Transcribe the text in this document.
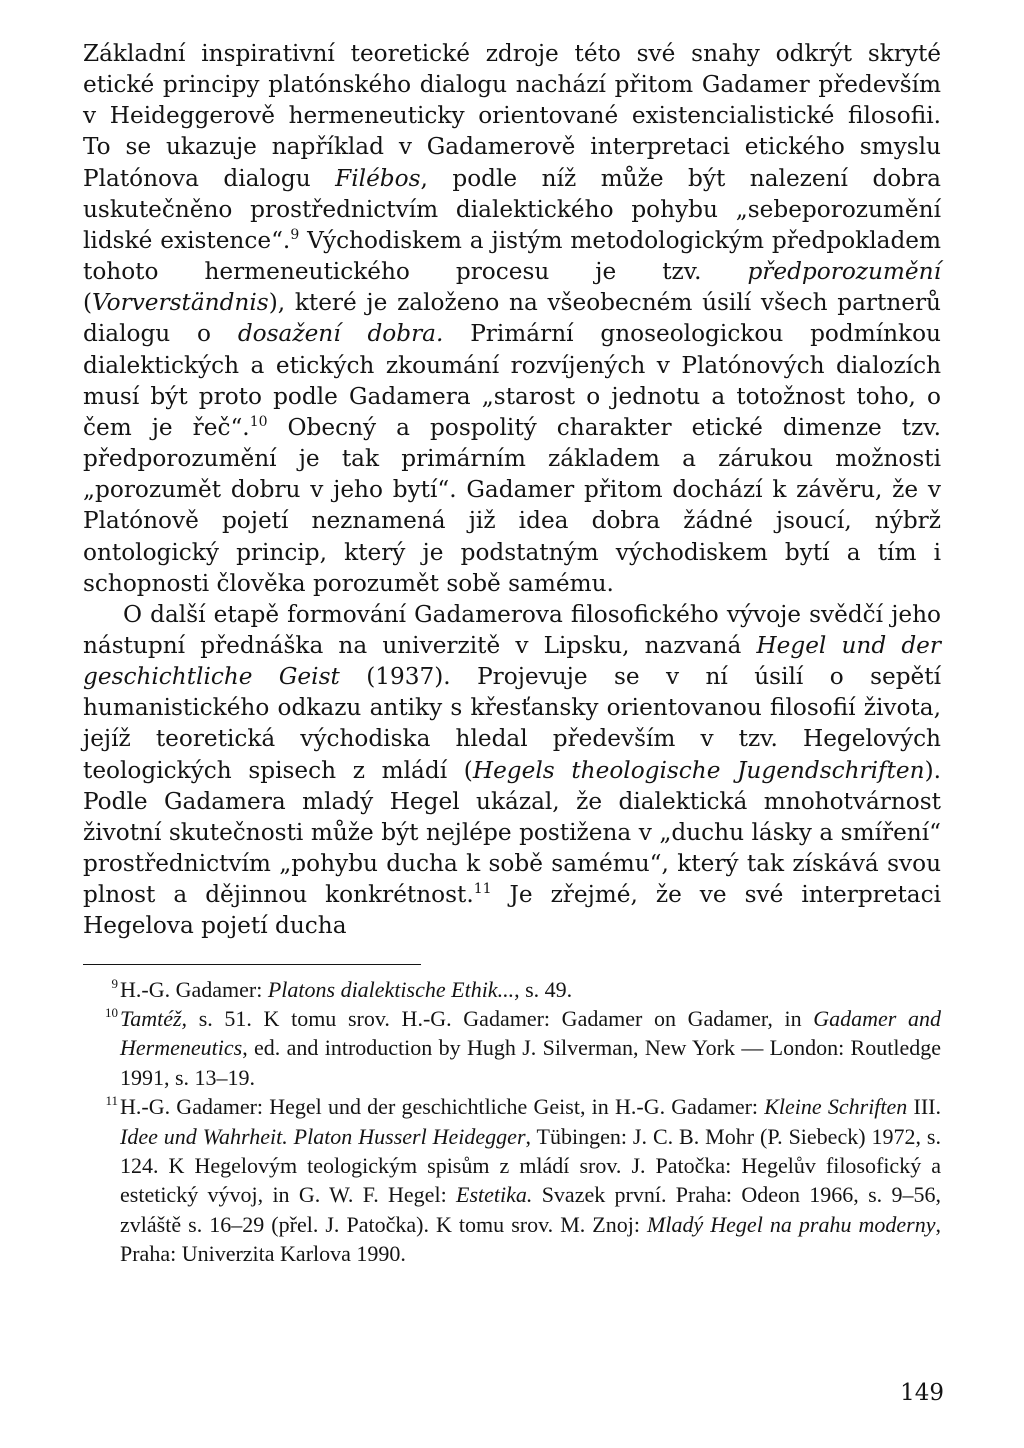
Základní inspirativní teoretické zdroje této své snahy odkrýt skryté etické principy platónského dialogu nachází přitom Gadamer především v Heideggerově hermeneuticky orientované existencialistické filosofii. To se ukazuje například v Gadamerově interpretaci etického smyslu Platónova dialogu Filébos, podle níž může být nalezení dobra uskutečněno prostřednictvím dialektického pohybu „sebeporozumění lidské existence“.$^9$ Východiskem a jistým metodologickým předpokladem tohoto hermeneutického procesu je tzv. předporozumění (Vorverständnis), které je založeno na všeobecném úsilí všech partnerů dialogu o dosažení dobra. Primární gnoseologickou podmínkou dialektických a etických zkoumání rozvíjených v Platónových dialozích musí být proto podle Gadamera „starost o jednotu a totožnost toho, o čem je řeč“.$^{10}$ Obecný a pospolitý charakter etické dimenze tzv. předporozumění je tak primárním základem a zárukou možnosti „porozumět dobru v jeho bytí“. Gadamer přitom dochází k závěru, že v Platónově pojetí neznamená již idea dobra žádné jsoucí, nýbrž ontologický princip, který je podstatným východiskem bytí a tím i schopnosti člověka porozumět sobě samému.

O další etapě formování Gadamerova filosofického vývoje svědčí jeho nástupní přednáška na univerzitě v Lipsku, nazvaná Hegel und der geschichtliche Geist (1937). Projevuje se v ní úsilí o sepětí humanistického odkazu antiky s křesťansky orientovanou filosofií života, jejíž teoretická východiska hledal především v tzv. Hegelových teologických spisech z mládí (Hegels theologische Jugendschriften). Podle Gadamera mladý Hegel ukázal, že dialektická mnohotvárnost životní skutečnosti může být nejlépe postižena v „duchu lásky a smíření“ prostřednictvím „pohybu ducha k sobě samému“, který tak získává svou plnost a dějinnou konkrétnost.$^{11}$ Je zřejmé, že ve své interpretaci Hegelova pojetí ducha

$^9$H.-G. Gadamer: Platons dialektische Ethik..., s. 49.

$^{10}$Tamtéž, s. 51. K tomu srov. H.-G. Gadamer: Gadamer on Gadamer, in Gadamer and Hermeneutics, ed. and introduction by Hugh J. Silverman, New York — London: Routledge 1991, s. 13–19.

$^{11}$H.-G. Gadamer: Hegel und der geschichtliche Geist, in H.-G. Gadamer: Kleine Schriften III. Idee und Wahrheit. Platon Husserl Heidegger, Tübingen: J. C. B. Mohr (P. Siebeck) 1972, s. 124. K Hegelovým teologickým spisům z mládí srov. J. Patočka: Hegelův filosofický a estetický vývoj, in G. W. F. Hegel: Estetika. Svazek první. Praha: Odeon 1966, s. 9–56, zvláště s. 16–29 (přel. J. Patočka). K tomu srov. M. Znoj: Mladý Hegel na prahu moderny, Praha: Univerzita Karlova 1990.

149
